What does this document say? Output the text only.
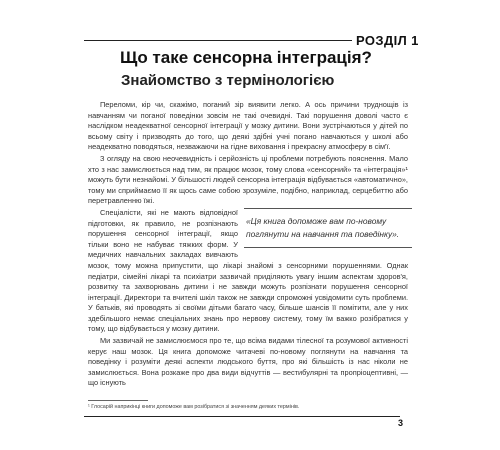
РОЗДІЛ 1
Що таке сенсорна інтеграція?
Знайомство з термінологією

Переломи, кір чи, скажімо, поганий зір виявити легко. А ось причини труднощів із навчанням чи поганої поведінки зовсім не такі очевидні. Такі порушення доволі часто є наслідком неадекватної сенсорної інтеграції у мозку дитини. Вони зустрічаються у дітей по всьому світу і призводять до того, що деякі здібні учні погано навчаються у школі або неадекватно поводяться, незважаючи на гідне виховання і прекрасну атмосферу в сім'ї.

З огляду на свою неочевидність і серйозність ці проблеми потребують пояснення. Мало хто з нас замислюється над тим, як працює мозок, тому слова «сенсорний» та «інтеграція»¹ можуть бути незнайомі. У більшості людей сенсорна інтеграція відбувається «автоматично», тому ми сприймаємо її як щось саме собою зрозуміле, подібно, наприклад, серцебиттю або перетравленню їжі.

Спеціалісти, які не мають відповідної підготовки, як правило, не розпізнають порушення сенсорної інтеграції, якщо тільки воно не набуває тяжких форм. У медичних навчальних закладах вивчають мозок, тому можна припустити, що лікарі знайомі з сенсорними порушеннями. Однак педіатри, сімейні лікарі та психіатри зазвичай приділяють увагу іншим аспектам здоров'я, розвитку та захворювань дитини і не завжди можуть розпізнати порушення сенсорної інтеграції. Директори та вчителі шкіл також не завжди спроможні усвідомити суть проблеми. У батьків, які проводять зі своїми дітьми багато часу, більше шансів її помітити, але у них здебільшого немає спеціальних знань про нервову систему, тому їм важко розібратися у тому, що відбувається у мозку дитини.

Ми зазвичай не замислюємося про те, що всіма видами тілесної та розумової активності керує наш мозок. Ця книга допоможе читачеві по-новому поглянути на навчання та поведінку і розуміти деякі аспекти людського буття, про які більшість із нас ніколи не замислюється. Вона розкаже про два види відчуттів — вестибулярні та пропріоцептивні, — що існують

«Ця книга допоможе вам по-новому поглянути на навчання та поведінку».
¹ Глосарій наприкінці книги допоможе вам розібратися зі значенням деяких термінів.
3
